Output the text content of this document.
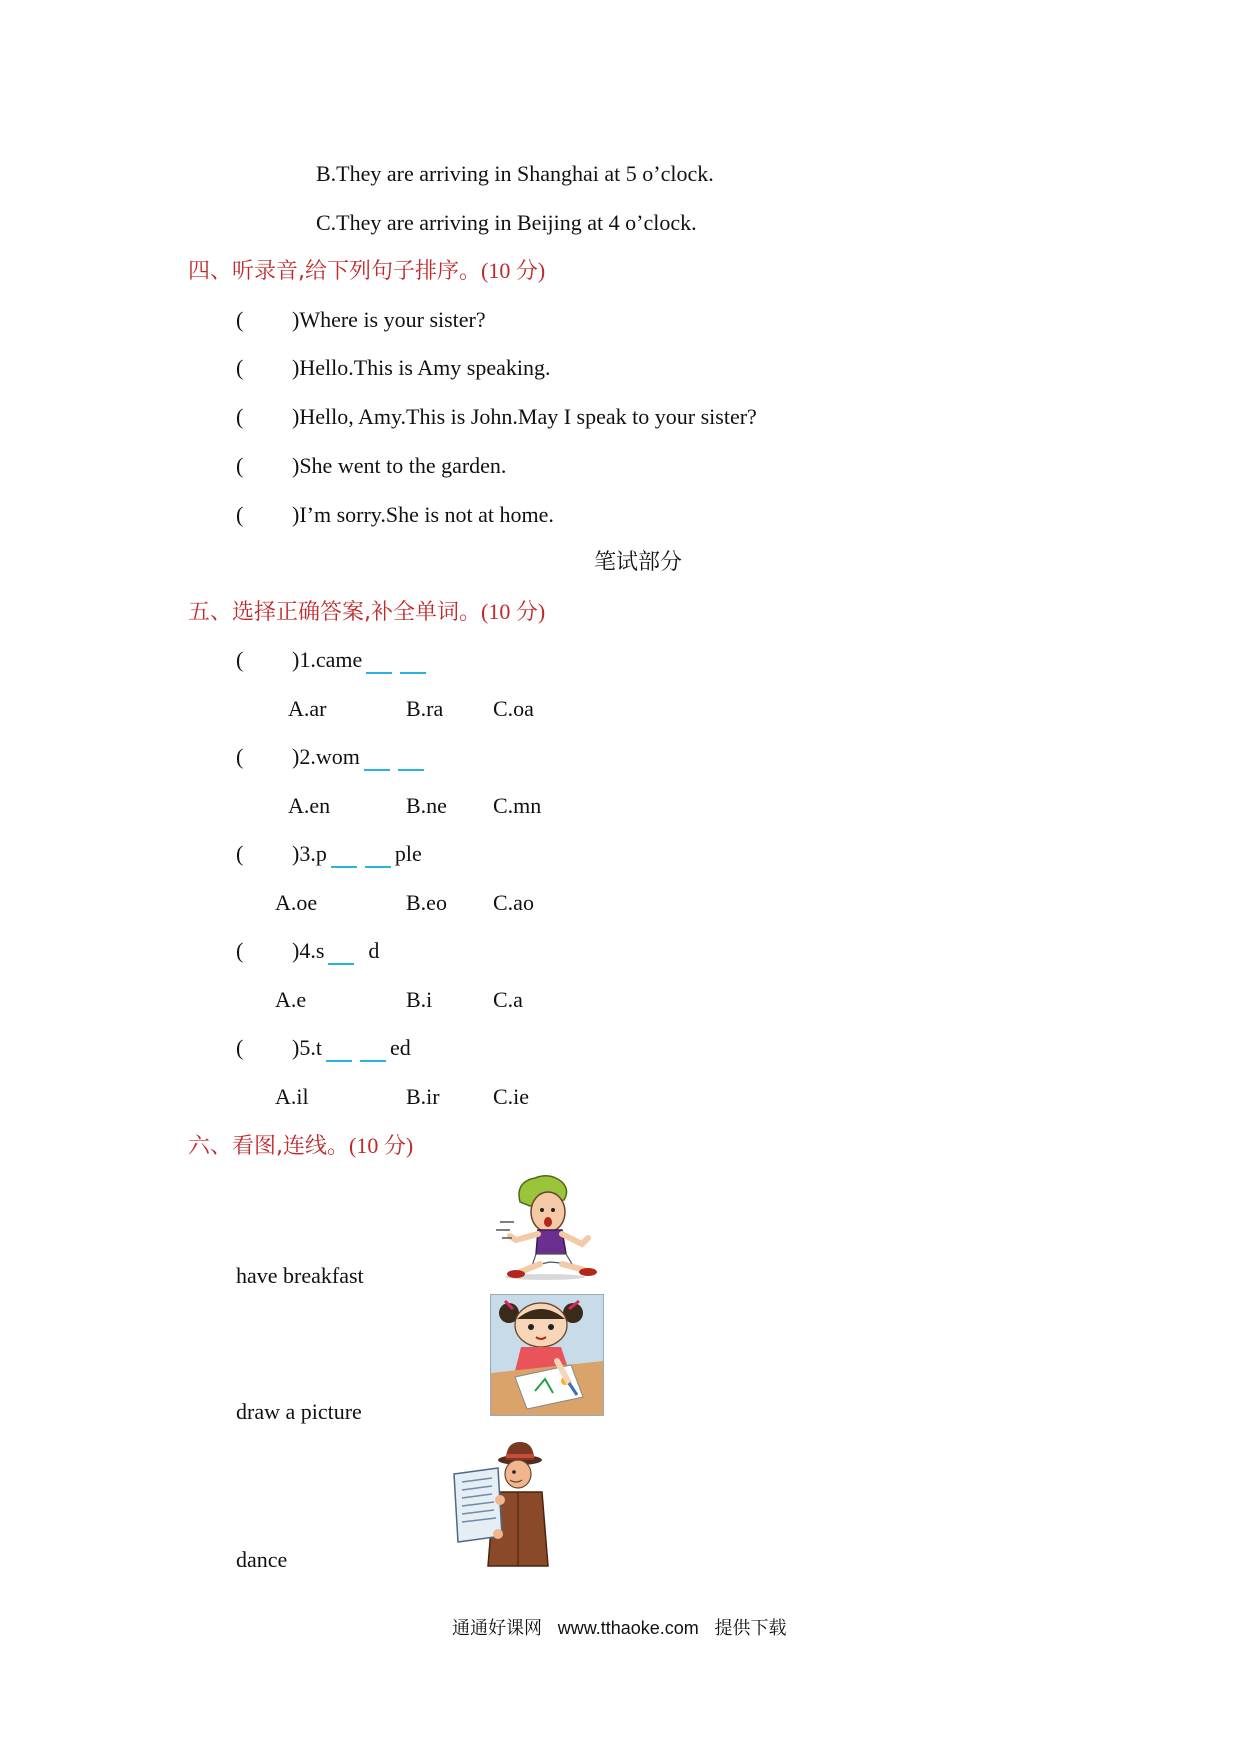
B.They are arriving in Shanghai at 5 o’clock.
C.They are arriving in Beijing at 4 o’clock.
四、听录音,给下列句子排序。(10 分)
( )Where is your sister?
( )Hello.This is Amy speaking.
( )Hello, Amy.This is John.May I speak to your sister?
( )She went to the garden.
( )I’m sorry.She is not at home.
笔试部分
五、选择正确答案,补全单词。(10 分)
( )1.came
A.ar	B.ra C.oa
( )2.wom
A.en	B.ne C.mn
( )3.p	ple
A.oe	B.eo C.ao
( )4.s d
A.e	B.i	C.a
( )5.t	ed
A.il	B.ir C.ie
六、看图,连线。(10 分)
have breakfast
draw a picture
dance
通通好课网 www.tthaoke.com 提供下载
